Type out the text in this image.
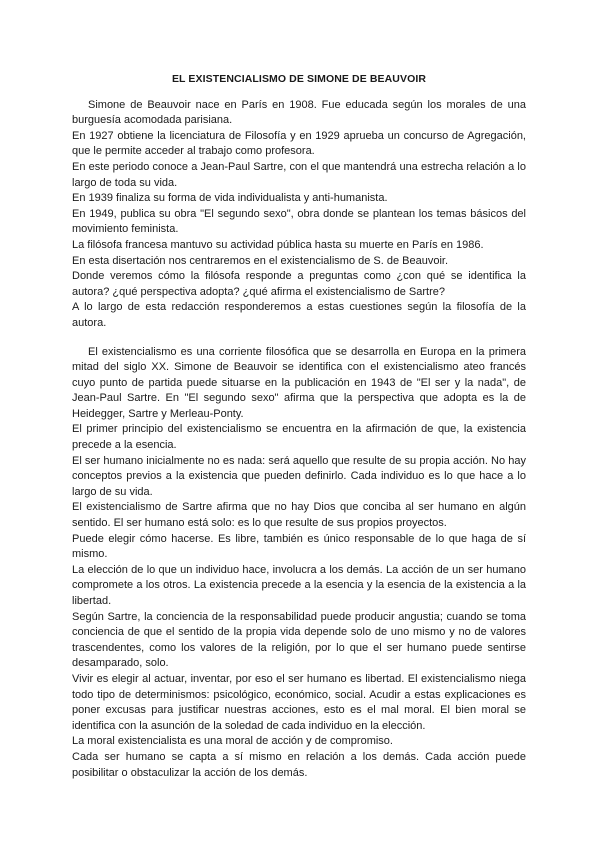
EL EXISTENCIALISMO DE SIMONE DE BEAUVOIR

Simone de Beauvoir nace en París en 1908. Fue educada según los morales de una burguesía acomodada parisiana.

En 1927 obtiene la licenciatura de Filosofía y en 1929 aprueba un concurso de Agregación, que le permite acceder al trabajo como profesora.

En este periodo conoce a Jean-Paul Sartre, con el que mantendrá una estrecha relación a lo largo de toda su vida.

En 1939 finaliza su forma de vida individualista y anti-humanista.

En 1949, publica su obra "El segundo sexo", obra donde se plantean los temas básicos del movimiento feminista.

La filósofa francesa mantuvo su actividad pública hasta su muerte en París en 1986.

En esta disertación nos centraremos en el existencialismo de S. de Beauvoir.

Donde veremos cómo la filósofa responde a preguntas como ¿con qué se identifica la autora? ¿qué perspectiva adopta? ¿qué afirma el existencialismo de Sartre?

A lo largo de esta redacción responderemos a estas cuestiones según la filosofía de la autora.

El existencialismo es una corriente filosófica que se desarrolla en Europa en la primera mitad del siglo XX. Simone de Beauvoir se identifica con el existencialismo ateo francés cuyo punto de partida puede situarse en la publicación en 1943 de "El ser y la nada", de Jean-Paul Sartre. En "El segundo sexo" afirma que la perspectiva que adopta es la de Heidegger, Sartre y Merleau-Ponty.

El primer principio del existencialismo se encuentra en la afirmación de que, la existencia precede a la esencia.

El ser humano inicialmente no es nada: será aquello que resulte de su propia acción. No hay conceptos previos a la existencia que pueden definirlo. Cada individuo es lo que hace a lo largo de su vida.

El existencialismo de Sartre afirma que no hay Dios que conciba al ser humano en algún sentido. El ser humano está solo: es lo que resulte de sus propios proyectos.

Puede elegir cómo hacerse. Es libre, también es único responsable de lo que haga de sí mismo.

La elección de lo que un individuo hace, involucra a los demás. La acción de un ser humano compromete a los otros. La existencia precede a la esencia y la esencia de la existencia a la libertad.

Según Sartre, la conciencia de la responsabilidad puede producir angustia; cuando se toma conciencia de que el sentido de la propia vida depende solo de uno mismo y no de valores trascendentes, como los valores de la religión, por lo que el ser humano puede sentirse desamparado, solo.

Vivir es elegir al actuar, inventar, por eso el ser humano es libertad. El existencialismo niega todo tipo de determinismos: psicológico, económico, social. Acudir a estas explicaciones es poner excusas para justificar nuestras acciones, esto es el mal moral. El bien moral se identifica con la asunción de la soledad de cada individuo en la elección.

La moral existencialista es una moral de acción y de compromiso.

Cada ser humano se capta a sí mismo en relación a los demás. Cada acción puede posibilitar o obstaculizar la acción de los demás.
